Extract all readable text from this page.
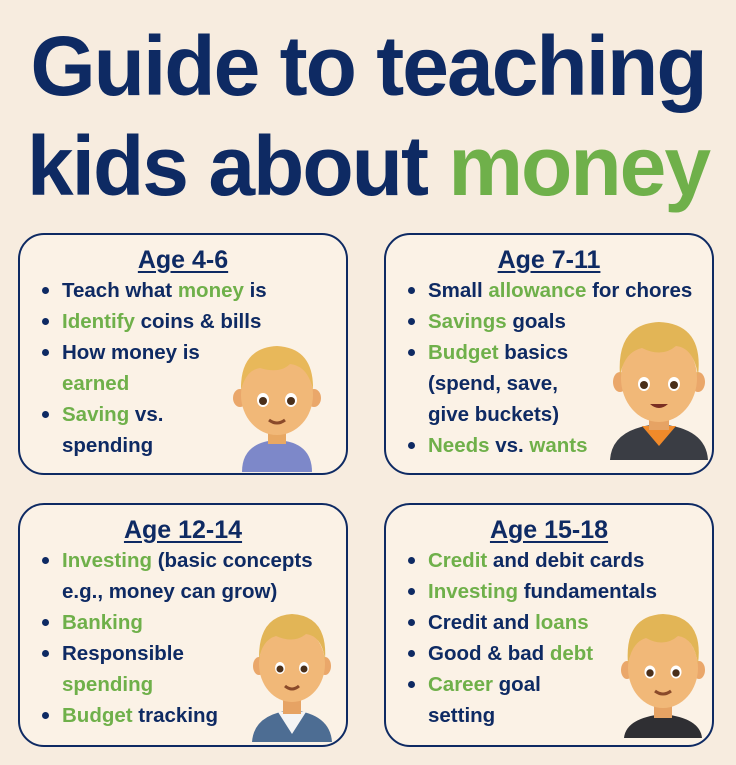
Guide to teaching
kids about money
Age 4-6
Teach what money is
Identify coins & bills
How money is
earned
Saving vs.
spending
Age 7-11
Small allowance for chores
Savings goals
Budget basics
(spend, save,
give buckets)
Needs vs. wants
Age 12-14
Investing (basic concepts
e.g., money can grow)
Banking
Responsible
spending
Budget tracking
Age 15-18
Credit and debit cards
Investing fundamentals
Credit and loans
Good & bad debt
Career goal
setting
